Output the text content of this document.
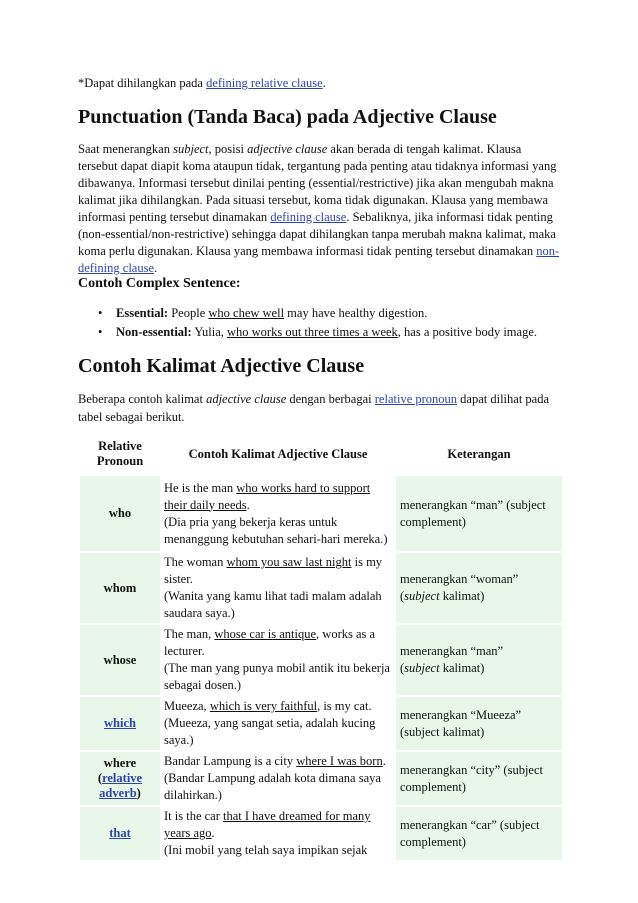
*Dapat dihilangkan pada defining relative clause.
Punctuation (Tanda Baca) pada Adjective Clause
Saat menerangkan subject, posisi adjective clause akan berada di tengah kalimat. Klausa tersebut dapat diapit koma ataupun tidak, tergantung pada penting atau tidaknya informasi yang dibawanya. Informasi tersebut dinilai penting (essential/restrictive) jika akan mengubah makna kalimat jika dihilangkan. Pada situasi tersebut, koma tidak digunakan. Klausa yang membawa informasi penting tersebut dinamakan defining clause. Sebaliknya, jika informasi tidak penting (non-essential/non-restrictive) sehingga dapat dihilangkan tanpa merubah makna kalimat, maka koma perlu digunakan. Klausa yang membawa informasi tidak penting tersebut dinamakan non-defining clause.
Contoh Complex Sentence:
• Essential: People who chew well may have healthy digestion.
• Non-essential: Yulia, who works out three times a week, has a positive body image.
Contoh Kalimat Adjective Clause
Beberapa contoh kalimat adjective clause dengan berbagai relative pronoun dapat dilihat pada tabel sebagai berikut.
Relative Pronoun	Contoh Kalimat Adjective Clause	Keterangan
who	He is the man who works hard to support their daily needs.
(Dia pria yang bekerja keras untuk menanggung kebutuhan sehari-hari mereka.)	menerangkan “man” (subject complement)
whom	The woman whom you saw last night is my sister.
(Wanita yang kamu lihat tadi malam adalah saudara saya.)	menerangkan “woman”
(subject kalimat)
whose	The man, whose car is antique, works as a lecturer.
(The man yang punya mobil antik itu bekerja sebagai dosen.)	menerangkan “man”
(subject kalimat)
which	Mueeza, which is very faithful, is my cat.
(Mueeza, yang sangat setia, adalah kucing saya.)	menerangkan “Mueeza” (subject kalimat)
where (relative adverb)	Bandar Lampung is a city where I was born.
(Bandar Lampung adalah kota dimana saya dilahirkan.)	menerangkan “city” (subject complement)
that	It is the car that I have dreamed for many years ago.
(Ini mobil yang telah saya impikan sejak	menerangkan “car” (subject complement)
